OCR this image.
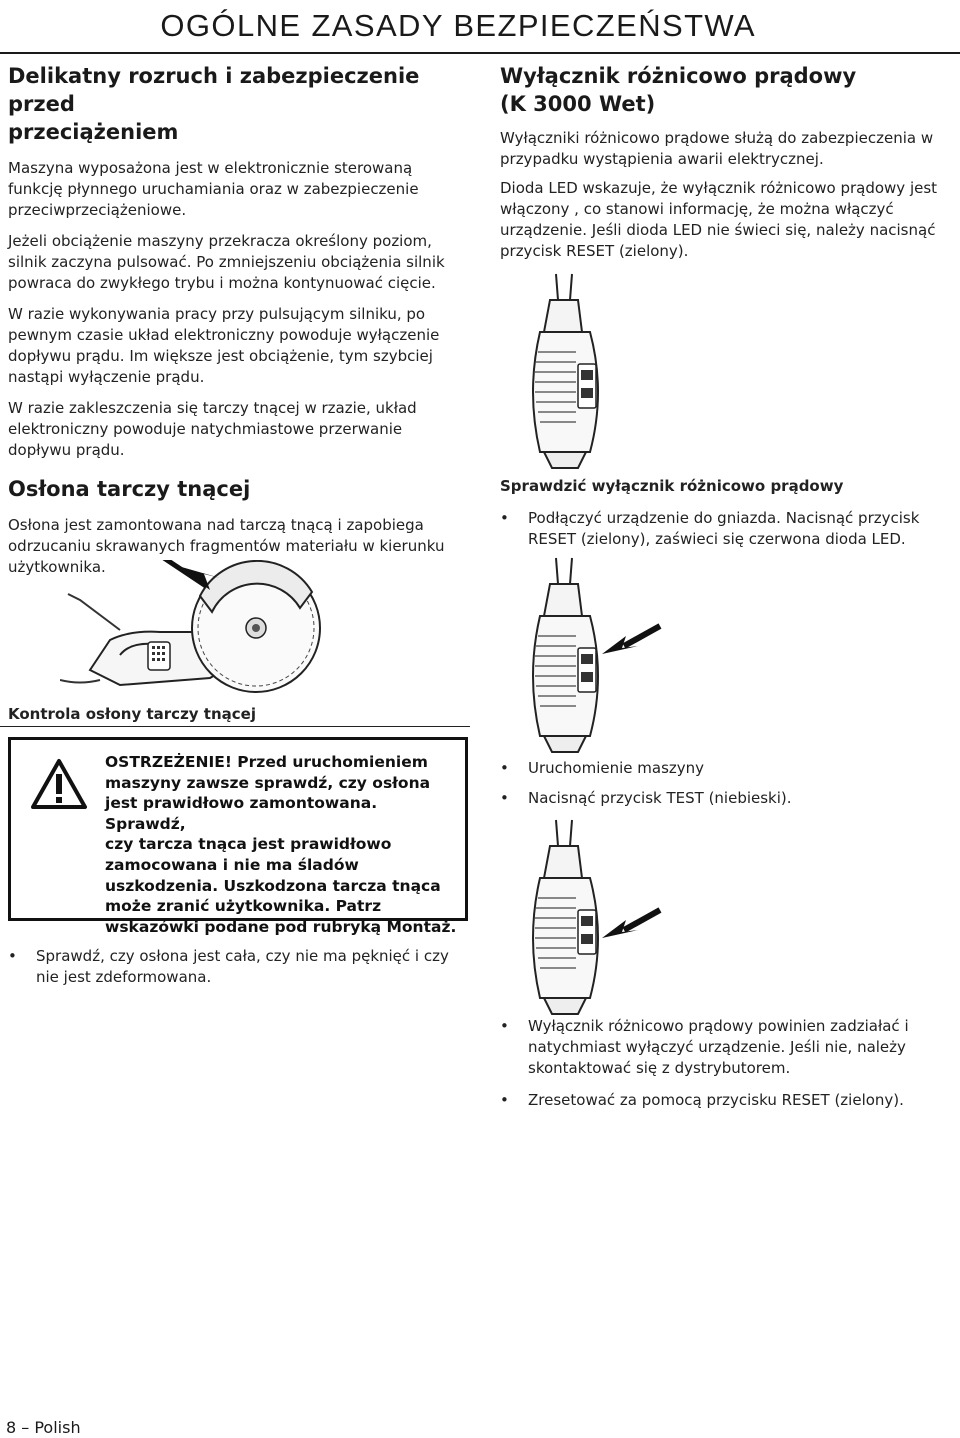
OGÓLNE ZASADY BEZPIECZEŃSTWA
Delikatny rozruch i zabezpieczenie przed
przeciążeniem

Maszyna wyposażona jest w elektronicznie sterowaną
funkcję płynnego uruchamiania oraz w zabezpieczenie
przeciwprzeciążeniowe.

Jeżeli obciążenie maszyny przekracza określony poziom,
silnik zaczyna pulsować. Po zmniejszeniu obciążenia silnik
powraca do zwykłego trybu i można kontynuować cięcie.

W razie wykonywania pracy przy pulsującym silniku, po
pewnym czasie układ elektroniczny powoduje wyłączenie
dopływu prądu. Im większe jest obciążenie, tym szybciej
nastąpi wyłączenie prądu.

W razie zakleszczenia się tarczy tnącej w rzazie, układ
elektroniczny powoduje natychmiastowe przerwanie
dopływu prądu.

Osłona tarczy tnącej

Osłona jest zamontowana nad tarczą tnącą i zapobiega
odrzucaniu skrawanych fragmentów materiału w kierunku
użytkownika.

Kontrola osłony tarczy tnącej

OSTRZEŻENIE! Przed uruchomieniem
maszyny zawsze sprawdź, czy osłona
jest prawidłowo zamontowana. Sprawdź,
czy tarcza tnąca jest prawidłowo
zamocowana i nie ma śladów
uszkodzenia. Uszkodzona tarcza tnąca
może zranić użytkownika. Patrz
wskazówki podane pod rubryką Montaż.
• Sprawdź, czy osłona jest cała, czy nie ma pęknięć i czy
nie jest zdeformowana.
Wyłącznik różnicowo prądowy
(K 3000 Wet)

Wyłączniki różnicowo prądowe służą do zabezpieczenia w
przypadku wystąpienia awarii elektrycznej.

Dioda LED wskazuje, że wyłącznik różnicowo prądowy jest
włączony , co stanowi informację, że można włączyć
urządzenie. Jeśli dioda LED nie świeci się, należy nacisnąć
przycisk RESET (zielony).

Sprawdzić wyłącznik różnicowo prądowy

• Podłączyć urządzenie do gniazda. Nacisnąć przycisk
RESET (zielony), zaświeci się czerwona dioda LED.
• Uruchomienie maszyny
• Nacisnąć przycisk TEST (niebieski).
• Wyłącznik różnicowo prądowy powinien zadziałać i
natychmiast wyłączyć urządzenie. Jeśli nie, należy
skontaktować się z dystrybutorem.
• Zresetować za pomocą przycisku RESET (zielony).
8 – Polish
